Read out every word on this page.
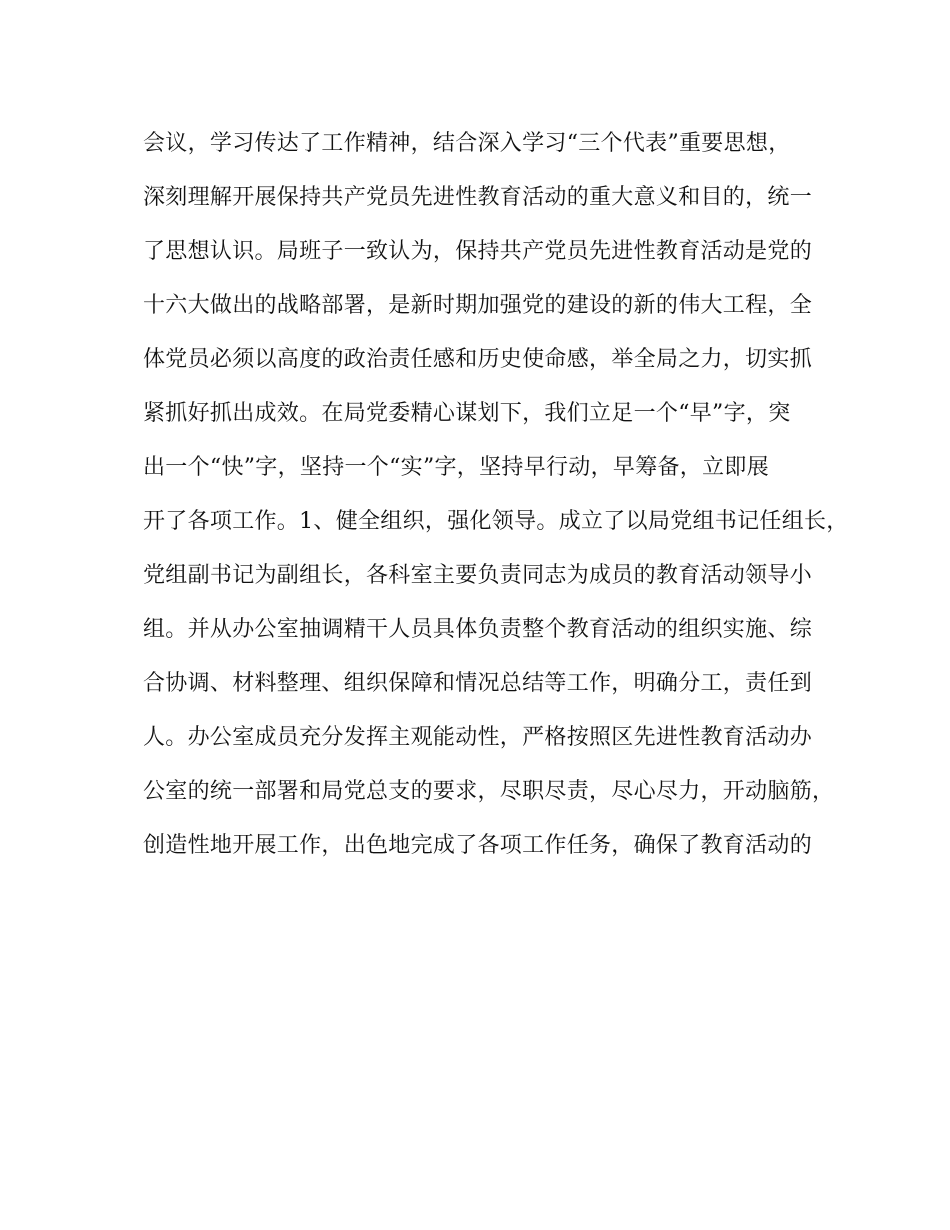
会议，学习传达了工作精神，结合深入学习“三个代表”重要思想，
深刻理解开展保持共产党员先进性教育活动的重大意义和目的，统一
了思想认识。局班子一致认为，保持共产党员先进性教育活动是党的
十六大做出的战略部署，是新时期加强党的建设的新的伟大工程，全
体党员必须以高度的政治责任感和历史使命感，举全局之力，切实抓
紧抓好抓出成效。在局党委精心谋划下，我们立足一个“早”字，突
出一个“快”字，坚持一个“实”字，坚持早行动，早筹备，立即展
开了各项工作。1、健全组织，强化领导。成立了以局党组书记任组长，
党组副书记为副组长，各科室主要负责同志为成员的教育活动领导小
组。并从办公室抽调精干人员具体负责整个教育活动的组织实施、综
合协调、材料整理、组织保障和情况总结等工作，明确分工，责任到
人。办公室成员充分发挥主观能动性，严格按照区先进性教育活动办
公室的统一部署和局党总支的要求，尽职尽责，尽心尽力，开动脑筋，
创造性地开展工作，出色地完成了各项工作任务，确保了教育活动的
